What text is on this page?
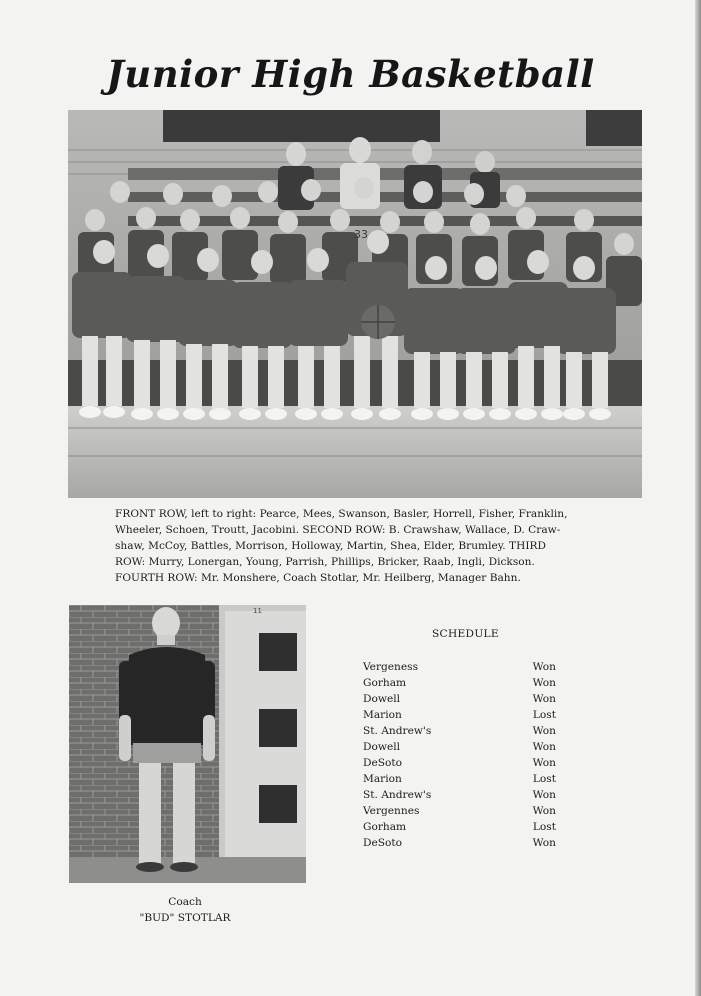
Junior High Basketball
33
FRONT ROW, left to right: Pearce, Mees, Swanson, Basler, Horrell, Fisher, Franklin,
Wheeler, Schoen, Troutt, Jacobini. SECOND ROW: B. Crawshaw, Wallace, D. Craw-
shaw, McCoy, Battles, Morrison, Holloway, Martin, Shea, Elder, Brumley. THIRD
ROW: Murry, Lonergan, Young, Parrish, Phillips, Bricker, Raab, Ingli, Dickson.
FOURTH ROW: Mr. Monshere, Coach Stotlar, Mr. Heilberg, Manager Bahn.
11
Coach
"BUD" STOTLAR
SCHEDULE
Vergeness	Won
Gorham	Won
Dowell	Won
Marion	Lost
St. Andrew's	Won
Dowell	Won
DeSoto	Won
Marion	Lost
St. Andrew's	Won
Vergennes	Won
Gorham	Lost
DeSoto	Won
